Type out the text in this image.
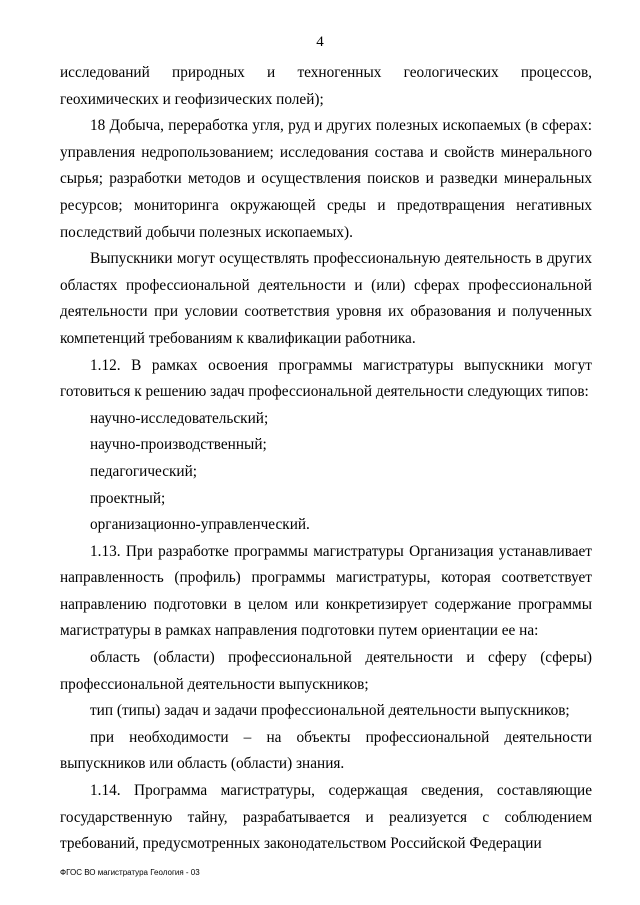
4

исследований природных и техногенных геологических процессов, геохимических и геофизических полей);

18 Добыча, переработка угля, руд и других полезных ископаемых (в сферах: управления недропользованием; исследования состава и свойств минерального сырья; разработки методов и осуществления поисков и разведки минеральных ресурсов; мониторинга окружающей среды и предотвращения негативных последствий добычи полезных ископаемых).

Выпускники могут осуществлять профессиональную деятельность в других областях профессиональной деятельности и (или) сферах профессиональной деятельности при условии соответствия уровня их образования и полученных компетенций требованиям к квалификации работника.

1.12. В рамках освоения программы магистратуры выпускники могут готовиться к решению задач профессиональной деятельности следующих типов:

научно-исследовательский;

научно-производственный;

педагогический;

проектный;

организационно-управленческий.

1.13. При разработке программы магистратуры Организация устанавливает направленность (профиль) программы магистратуры, которая соответствует направлению подготовки в целом или конкретизирует содержание программы магистратуры в рамках направления подготовки путем ориентации ее на:

область (области) профессиональной деятельности и сферу (сферы) профессиональной деятельности выпускников;

тип (типы) задач и задачи профессиональной деятельности выпускников;

при необходимости – на объекты профессиональной деятельности выпускников или область (области) знания.

1.14. Программа магистратуры, содержащая сведения, составляющие государственную тайну, разрабатывается и реализуется с соблюдением требований, предусмотренных законодательством Российской Федерации

ФГОС ВО магистратура Геология - 03
